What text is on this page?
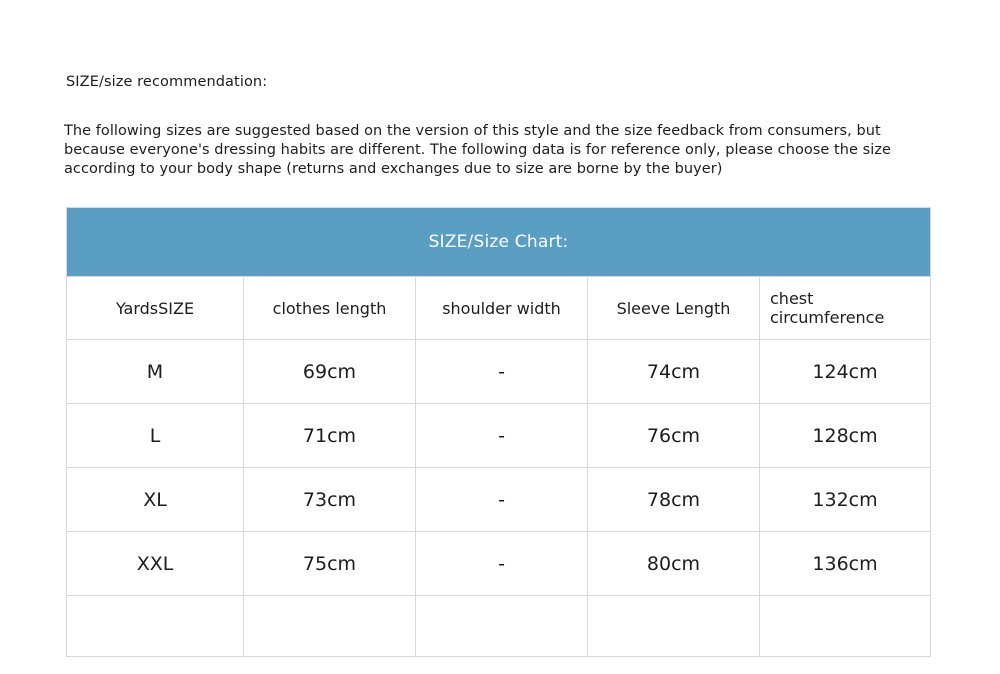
SIZE/size recommendation:
The following sizes are suggested based on the version of this style and the size feedback from consumers, but because everyone's dressing habits are different. The following data is for reference only, please choose the size according to your body shape (returns and exchanges due to size are borne by the buyer)
SIZE/Size Chart:				
YardsSIZE	clothes length	shoulder width	Sleeve Length	chest circumference
M	69cm	-	74cm	124cm
L	71cm	-	76cm	128cm
XL	73cm	-	78cm	132cm
XXL	75cm	-	80cm	136cm
